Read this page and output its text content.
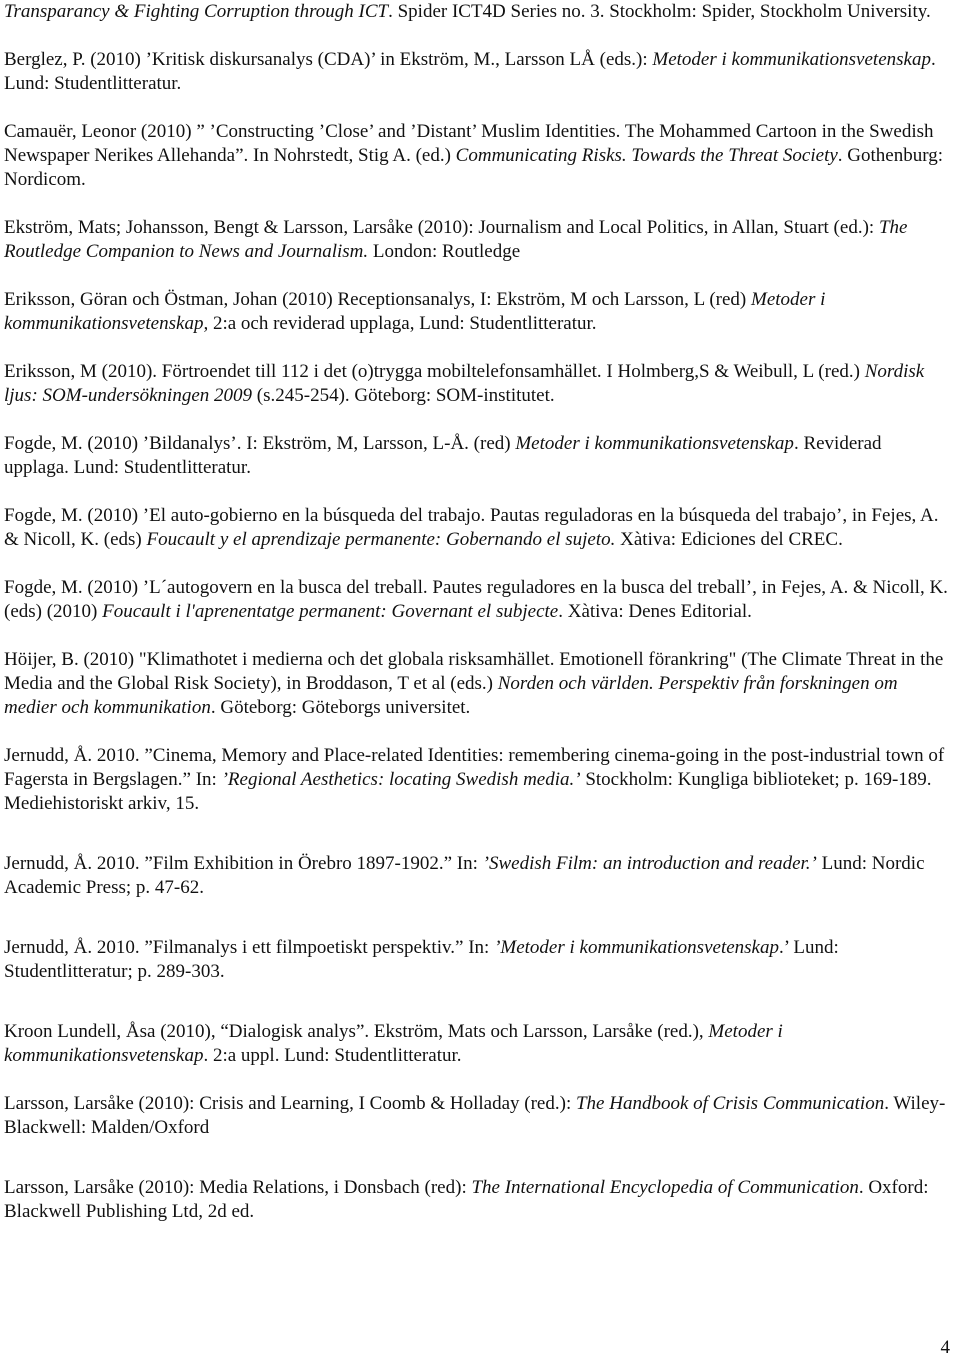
Transparancy & Fighting Corruption through ICT. Spider ICT4D Series no. 3. Stockholm: Spider, Stockholm University.

Berglez, P. (2010) ’Kritisk diskursanalys (CDA)’ in Ekström, M., Larsson LÅ (eds.): Metoder i kommunikationsvetenskap. Lund: Studentlitteratur.

Camauër, Leonor (2010) ” ’Constructing ’Close’ and ’Distant’ Muslim Identities. The Mohammed Cartoon in the Swedish Newspaper Nerikes Allehanda”. In Nohrstedt, Stig A. (ed.) Communicating Risks. Towards the Threat Society. Gothenburg: Nordicom.

Ekström, Mats; Johansson, Bengt & Larsson, Larsåke (2010): Journalism and Local Politics, in Allan, Stuart (ed.): The Routledge Companion to News and Journalism. London: Routledge

Eriksson, Göran och Östman, Johan (2010) Receptionsanalys, I: Ekström, M och Larsson, L (red) Metoder i kommunikationsvetenskap, 2:a och reviderad upplaga, Lund: Studentlitteratur.

Eriksson, M (2010). Förtroendet till 112 i det (o)trygga mobiltelefonsamhället. I Holmberg,S & Weibull, L (red.) Nordisk ljus: SOM-undersökningen 2009 (s.245-254). Göteborg: SOM-institutet.

Fogde, M. (2010) ’Bildanalys’. I: Ekström, M, Larsson, L-Å. (red) Metoder i kommunikationsvetenskap. Reviderad upplaga. Lund: Studentlitteratur.

Fogde, M. (2010) ’El auto-gobierno en la búsqueda del trabajo. Pautas reguladoras en la búsqueda del trabajo’, in Fejes, A. & Nicoll, K. (eds) Foucault y el aprendizaje permanente: Gobernando el sujeto. Xàtiva: Ediciones del CREC.

Fogde, M. (2010) ’L´autogovern en la busca del treball. Pautes reguladores en la busca del treball’, in Fejes, A. & Nicoll, K. (eds) (2010) Foucault i l'aprenentatge permanent: Governant el subjecte. Xàtiva: Denes Editorial.

Höijer, B. (2010) "Klimathotet i medierna och det globala risksamhället. Emotionell förankring" (The Climate Threat in the Media and the Global Risk Society), in Broddason, T et al (eds.) Norden och världen. Perspektiv från forskningen om medier och kommunikation. Göteborg: Göteborgs universitet.

Jernudd, Å. 2010. ”Cinema, Memory and Place-related Identities: remembering cinema-going in the post-industrial town of Fagersta in Bergslagen.” In: ’Regional Aesthetics: locating Swedish media.’ Stockholm: Kungliga biblioteket; p. 169-189. Mediehistoriskt arkiv, 15.

Jernudd, Å. 2010. ”Film Exhibition in Örebro 1897-1902.” In: ’Swedish Film: an introduction and reader.’ Lund: Nordic Academic Press; p. 47-62.

Jernudd, Å. 2010. ”Filmanalys i ett filmpoetiskt perspektiv.” In: ’Metoder i kommunikationsvetenskap.’ Lund: Studentlitteratur; p. 289-303.

Kroon Lundell, Åsa (2010), “Dialogisk analys”. Ekström, Mats och Larsson, Larsåke (red.), Metoder i kommunikationsvetenskap. 2:a uppl. Lund: Studentlitteratur.

Larsson, Larsåke (2010): Crisis and Learning, I Coomb & Holladay (red.): The Handbook of Crisis Communication. Wiley-Blackwell: Malden/Oxford

Larsson, Larsåke (2010): Media Relations, i Donsbach (red): The International Encyclopedia of Communication. Oxford: Blackwell Publishing Ltd, 2d ed.

4
